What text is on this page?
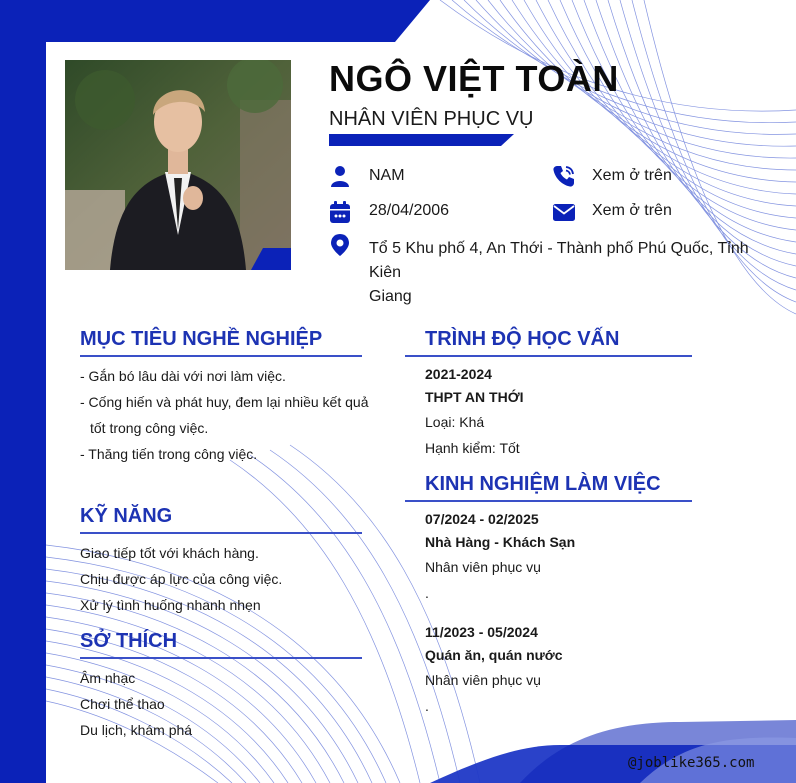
NGÔ VIỆT TOÀN
NHÂN VIÊN PHỤC VỤ
NAM
28/04/2006
Tổ 5 Khu phố 4, An Thới - Thành phố Phú Quốc, Tỉnh Kiên
Giang
Xem ở trên
Xem ở trên
MỤC TIÊU NGHỀ NGHIỆP
- Gắn bó lâu dài với nơi làm việc.
- Cống hiến và phát huy, đem lại nhiều kết quả
tốt trong công việc.
- Thăng tiến trong công việc.
KỸ NĂNG
Giao tiếp tốt với khách hàng.
Chịu được áp lực của công việc.
Xử lý tình huống nhanh nhẹn
SỞ THÍCH
Âm nhạc
Chơi thể thao
Du lịch, khám phá
TRÌNH ĐỘ HỌC VẤN
2021-2024
THPT AN THỚI
Loại: Khá
Hạnh kiểm: Tốt
KINH NGHIỆM LÀM VIỆC
07/2024 - 02/2025
Nhà Hàng - Khách Sạn
Nhân viên phục vụ
.
11/2023 - 05/2024
Quán ăn, quán nước
Nhân viên phục vụ
.
@joblike365.com
